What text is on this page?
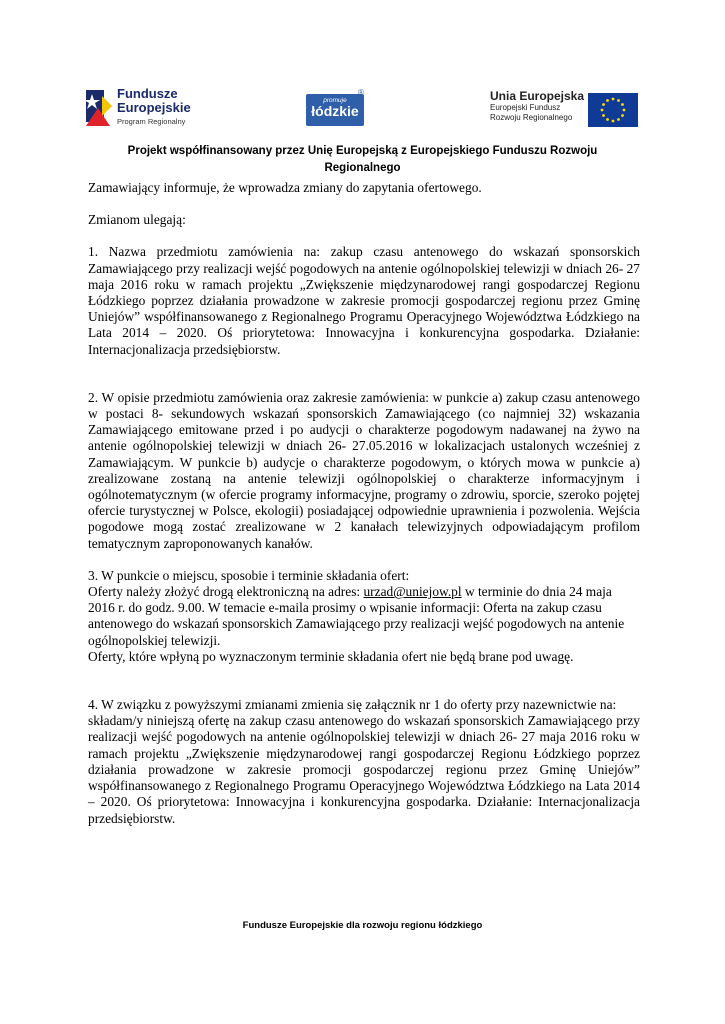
Fundusze
Europejskie
Program Regionalny
promuje
łódzkie
®	Unia Europejska
Europejski Fundusz
Rozwoju Regionalnego

Projekt współfinansowany przez Unię Europejską z Europejskiego Funduszu Rozwoju Regionalnego

Zamawiający informuje, że wprowadza zmiany do zapytania ofertowego.

Zmianom ulegają:

1. Nazwa przedmiotu zamówienia na: zakup czasu antenowego do wskazań sponsorskich Zamawiającego przy realizacji wejść pogodowych na antenie ogólnopolskiej telewizji w dniach 26- 27 maja 2016 roku w ramach projektu „Zwiększenie międzynarodowej rangi gospodarczej Regionu Łódzkiego poprzez działania prowadzone w zakresie promocji gospodarczej regionu przez Gminę Uniejów” współfinansowanego z Regionalnego Programu Operacyjnego Województwa Łódzkiego na Lata 2014 – 2020. Oś priorytetowa: Innowacyjna i konkurencyjna gospodarka. Działanie: Internacjonalizacja przedsiębiorstw.

2. W opisie przedmiotu zamówienia oraz zakresie zamówienia: w punkcie a) zakup czasu antenowego w postaci 8- sekundowych wskazań sponsorskich Zamawiającego (co najmniej 32) wskazania Zamawiającego emitowane przed i po audycji o charakterze pogodowym nadawanej na żywo na antenie ogólnopolskiej telewizji w dniach 26- 27.05.2016 w lokalizacjach ustalonych wcześniej z Zamawiającym. W punkcie b) audycje o charakterze pogodowym, o których mowa w punkcie a) zrealizowane zostaną na antenie telewizji ogólnopolskiej o charakterze informacyjnym i ogólnotematycznym (w ofercie programy informacyjne, programy o zdrowiu, sporcie, szeroko pojętej ofercie turystycznej w Polsce, ekologii) posiadającej odpowiednie uprawnienia i pozwolenia. Wejścia pogodowe mogą zostać zrealizowane w 2 kanałach telewizyjnych odpowiadającym profilom tematycznym zaproponowanych kanałów.

3. W punkcie o miejscu, sposobie i terminie składania ofert:

Oferty należy złożyć drogą elektroniczną na adres: urzad@uniejow.pl w terminie do dnia 24 maja 2016 r. do godz. 9.00. W temacie e-maila prosimy o wpisanie informacji: Oferta na zakup czasu antenowego do wskazań sponsorskich Zamawiającego przy realizacji wejść pogodowych na antenie ogólnopolskiej telewizji.

Oferty, które wpłyną po wyznaczonym terminie składania ofert nie będą brane pod uwagę.

4. W związku z powyższymi zmianami zmienia się załącznik nr 1 do oferty przy nazewnictwie na:

składam/y niniejszą ofertę na zakup czasu antenowego do wskazań sponsorskich Zamawiającego przy realizacji wejść pogodowych na antenie ogólnopolskiej telewizji w dniach 26- 27 maja 2016 roku w ramach projektu „Zwiększenie międzynarodowej rangi gospodarczej Regionu Łódzkiego poprzez działania prowadzone w zakresie promocji gospodarczej regionu przez Gminę Uniejów” współfinansowanego z Regionalnego Programu Operacyjnego Województwa Łódzkiego na Lata 2014 – 2020. Oś priorytetowa: Innowacyjna i konkurencyjna gospodarka. Działanie: Internacjonalizacja przedsiębiorstw.

Fundusze Europejskie dla rozwoju regionu łódzkiego
